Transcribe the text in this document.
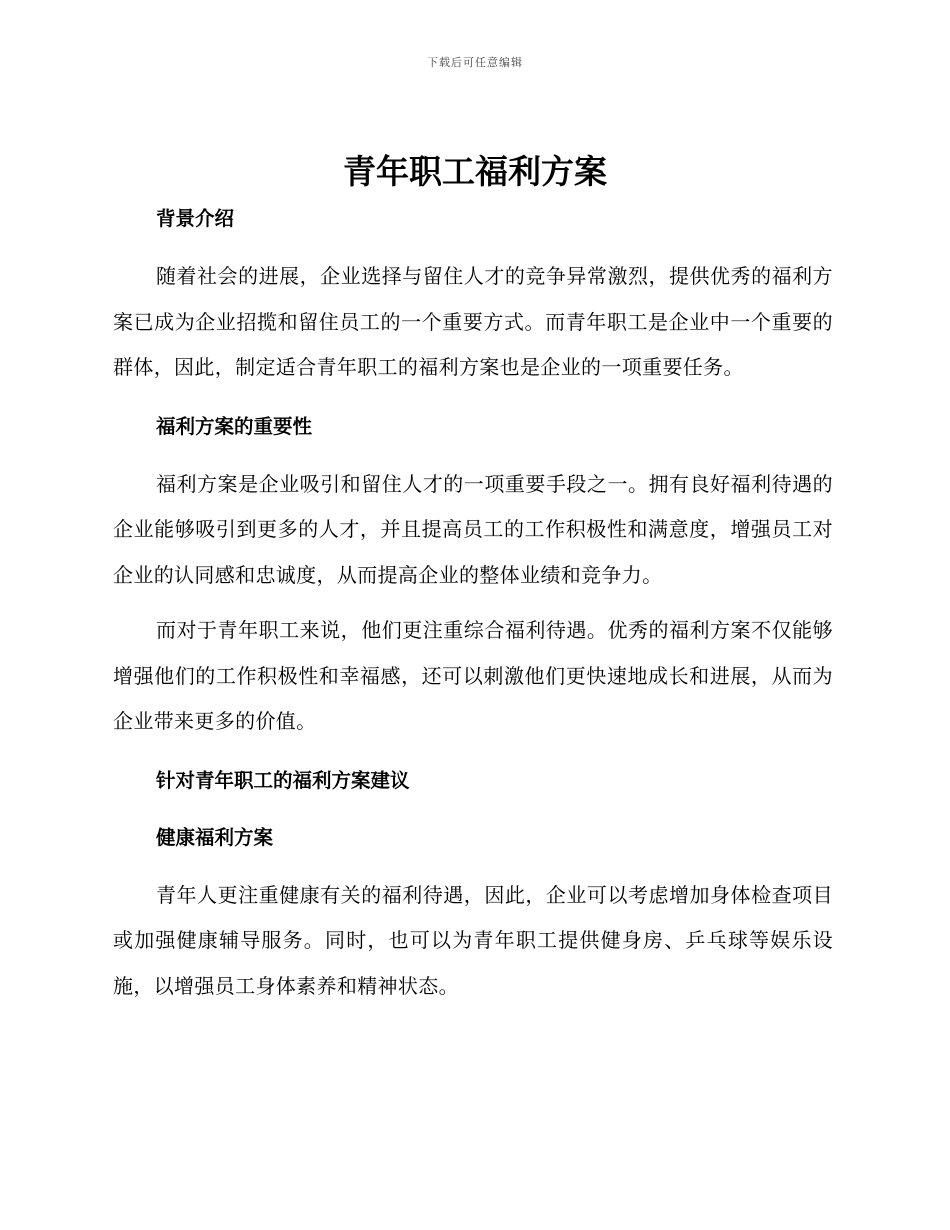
下载后可任意编辑
青年职工福利方案
背景介绍

随着社会的进展，企业选择与留住人才的竞争异常激烈，提供优秀的福利方案已成为企业招揽和留住员工的一个重要方式。而青年职工是企业中一个重要的群体，因此，制定适合青年职工的福利方案也是企业的一项重要任务。

福利方案的重要性

福利方案是企业吸引和留住人才的一项重要手段之一。拥有良好福利待遇的企业能够吸引到更多的人才，并且提高员工的工作积极性和满意度，增强员工对企业的认同感和忠诚度，从而提高企业的整体业绩和竞争力。

而对于青年职工来说，他们更注重综合福利待遇。优秀的福利方案不仅能够增强他们的工作积极性和幸福感，还可以刺激他们更快速地成长和进展，从而为企业带来更多的价值。

针对青年职工的福利方案建议
健康福利方案

青年人更注重健康有关的福利待遇，因此，企业可以考虑增加身体检查项目或加强健康辅导服务。同时，也可以为青年职工提供健身房、乒乓球等娱乐设施，以增强员工身体素养和精神状态。
